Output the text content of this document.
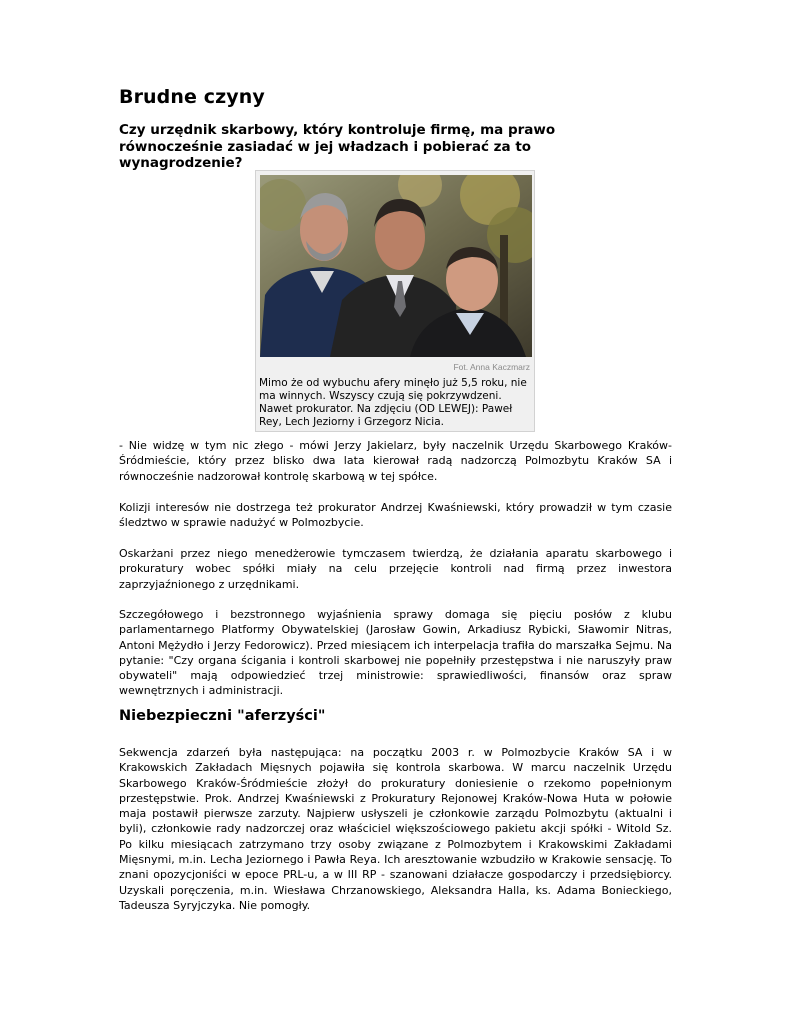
Brudne czyny
Czy urzędnik skarbowy, który kontroluje firmę, ma prawo równocześnie zasiadać w jej władzach i pobierać za to wynagrodzenie?
Fot. Anna Kaczmarz
Mimo że od wybuchu afery minęło już 5,5 roku, nie ma winnych. Wszyscy czują się pokrzywdzeni. Nawet prokurator. Na zdjęciu (OD LEWEJ): Paweł Rey, Lech Jeziorny i Grzegorz Nicia.

- Nie widzę w tym nic złego - mówi Jerzy Jakielarz, były naczelnik Urzędu Skarbowego Kraków-Śródmieście, który przez blisko dwa lata kierował radą nadzorczą Polmozbytu Kraków SA i równocześnie nadzorował kontrolę skarbową w tej spółce.

Kolizji interesów nie dostrzega też prokurator Andrzej Kwaśniewski, który prowadził w tym czasie śledztwo w sprawie nadużyć w Polmozbycie.

Oskarżani przez niego menedżerowie tymczasem twierdzą, że działania aparatu skarbowego i prokuratury wobec spółki miały na celu przejęcie kontroli nad firmą przez inwestora zaprzyjaźnionego z urzędnikami.

Szczegółowego i bezstronnego wyjaśnienia sprawy domaga się pięciu posłów z klubu parlamentarnego Platformy Obywatelskiej (Jarosław Gowin, Arkadiusz Rybicki, Sławomir Nitras, Antoni Mężydło i Jerzy Fedorowicz). Przed miesiącem ich interpelacja trafiła do marszałka Sejmu. Na pytanie: "Czy organa ścigania i kontroli skarbowej nie popełniły przestępstwa i nie naruszyły praw obywateli" mają odpowiedzieć trzej ministrowie: sprawiedliwości, finansów oraz spraw wewnętrznych i administracji.

Niebezpieczni "aferzyści"

Sekwencja zdarzeń była następująca: na początku 2003 r. w Polmozbycie Kraków SA i w Krakowskich Zakładach Mięsnych pojawiła się kontrola skarbowa. W marcu naczelnik Urzędu Skarbowego Kraków-Śródmieście złożył do prokuratury doniesienie o rzekomo popełnionym przestępstwie. Prok. Andrzej Kwaśniewski z Prokuratury Rejonowej Kraków-Nowa Huta w połowie maja postawił pierwsze zarzuty. Najpierw usłyszeli je członkowie zarządu Polmozbytu (aktualni i byli), członkowie rady nadzorczej oraz właściciel większościowego pakietu akcji spółki - Witold Sz. Po kilku miesiącach zatrzymano trzy osoby związane z Polmozbytem i Krakowskimi Zakładami Mięsnymi, m.in. Lecha Jeziornego i Pawła Reya. Ich aresztowanie wzbudziło w Krakowie sensację. To znani opozycjoniści w epoce PRL-u, a w III RP - szanowani działacze gospodarczy i przedsiębiorcy. Uzyskali poręczenia, m.in. Wiesława Chrzanowskiego, Aleksandra Halla, ks. Adama Bonieckiego, Tadeusza Syryjczyka. Nie pomogły.
